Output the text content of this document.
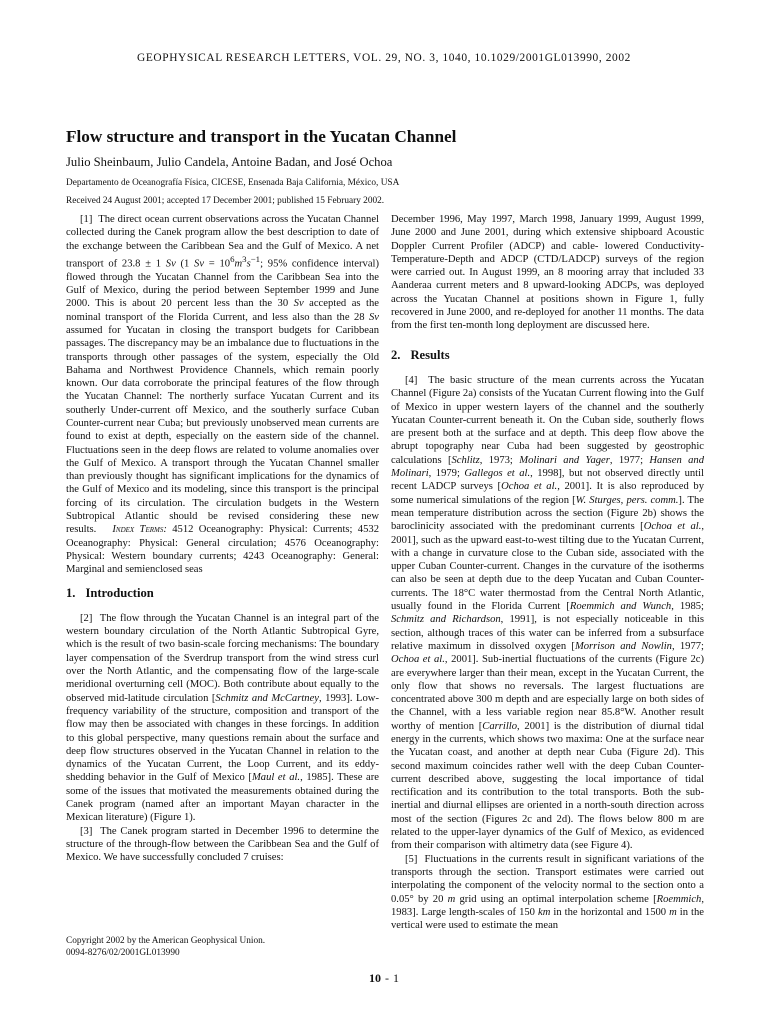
GEOPHYSICAL RESEARCH LETTERS, VOL. 29, NO. 3, 1040, 10.1029/2001GL013990, 2002
Flow structure and transport in the Yucatan Channel
Julio Sheinbaum, Julio Candela, Antoine Badan, and José Ochoa
Departamento de Oceanografía Física, CICESE, Ensenada Baja California, México, USA
Received 24 August 2001; accepted 17 December 2001; published 15 February 2002.

[1] The direct ocean current observations across the Yucatan Channel collected during the Canek program allow the best description to date of the exchange between the Caribbean Sea and the Gulf of Mexico. A net transport of 23.8 ± 1 Sv (1 $Sv = 10^6m^3s^{-1}$; 95% confidence interval) flowed through the Yucatan Channel from the Caribbean Sea into the Gulf of Mexico, during the period between September 1999 and June 2000. This is about 20 percent less than the 30 Sv accepted as the nominal transport of the Florida Current, and less also than the 28 Sv assumed for Yucatan in closing the transport budgets for Caribbean passages. The discrepancy may be an imbalance due to fluctuations in the transports through other passages of the system, especially the Old Bahama and Northwest Providence Channels, which remain poorly known. Our data corroborate the principal features of the flow through the Yucatan Channel: The northerly surface Yucatan Current and its southerly Under-current off Mexico, and the southerly surface Cuban Counter-current near Cuba; but previously unobserved mean currents are found to exist at depth, especially on the eastern side of the channel. Fluctuations seen in the deep flows are related to volume anomalies over the Gulf of Mexico. A transport through the Yucatan Channel smaller than previously thought has significant implications for the dynamics of the Gulf of Mexico and its modeling, since this transport is the principal forcing of its circulation. The circulation budgets in the Western Subtropical Atlantic should be revised considering these new results. Index Terms: 4512 Oceanography: Physical: Currents; 4532 Oceanography: Physical: General circulation; 4576 Oceanography: Physical: Western boundary currents; 4243 Oceanography: General: Marginal and semienclosed seas

1. Introduction

[2] The flow through the Yucatan Channel is an integral part of the western boundary circulation of the North Atlantic Subtropical Gyre, which is the result of two basin-scale forcing mechanisms: The boundary layer compensation of the Sverdrup transport from the wind stress curl over the North Atlantic, and the compensating flow of the large-scale meridional overturning cell (MOC). Both contribute about equally to the observed mid-latitude circulation [Schmitz and McCartney, 1993]. Low-frequency variability of the structure, composition and transport of the flow may then be associated with changes in these forcings. In addition to this global perspective, many questions remain about the surface and deep flow structures observed in the Yucatan Channel in relation to the dynamics of the Yucatan Current, the Loop Current, and its eddy-shedding behavior in the Gulf of Mexico [Maul et al., 1985]. These are some of the issues that motivated the measurements obtained during the Canek program (named after an important Mayan character in the Mexican literature) (Figure 1).

[3] The Canek program started in December 1996 to determine the structure of the through-flow between the Caribbean Sea and the Gulf of Mexico. We have successfully concluded 7 cruises:

December 1996, May 1997, March 1998, January 1999, August 1999, June 2000 and June 2001, during which extensive shipboard Acoustic Doppler Current Profiler (ADCP) and cable- lowered Conductivity-Temperature-Depth and ADCP (CTD/LADCP) surveys of the region were carried out. In August 1999, an 8 mooring array that included 33 Aanderaa current meters and 8 upward-looking ADCPs, was deployed across the Yucatan Channel at positions shown in Figure 1, fully recovered in June 2000, and re-deployed for another 11 months. The data from the first ten-month long deployment are discussed here.

2. Results

[4] The basic structure of the mean currents across the Yucatan Channel (Figure 2a) consists of the Yucatan Current flowing into the Gulf of Mexico in upper western layers of the channel and the southerly Yucatan Counter-current beneath it. On the Cuban side, southerly flows are present both at the surface and at depth. This deep flow above the abrupt topography near Cuba had been suggested by geostrophic calculations [Schlitz, 1973; Molinari and Yager, 1977; Hansen and Molinari, 1979; Gallegos et al., 1998], but not observed directly until recent LADCP surveys [Ochoa et al., 2001]. It is also reproduced by some numerical simulations of the region [W. Sturges, pers. comm.]. The mean temperature distribution across the section (Figure 2b) shows the baroclinicity associated with the predominant currents [Ochoa et al., 2001], such as the upward east-to-west tilting due to the Yucatan Current, with a change in curvature close to the Cuban side, associated with the upper Cuban Counter-current. Changes in the curvature of the isotherms can also be seen at depth due to the deep Yucatan and Cuban Counter-currents. The 18°C water thermostad from the Central North Atlantic, usually found in the Florida Current [Roemmich and Wunch, 1985; Schmitz and Richardson, 1991], is not especially noticeable in this section, although traces of this water can be inferred from a subsurface relative maximum in dissolved oxygen [Morrison and Nowlin, 1977; Ochoa et al., 2001]. Sub-inertial fluctuations of the currents (Figure 2c) are everywhere larger than their mean, except in the Yucatan Current, the only flow that shows no reversals. The largest fluctuations are concentrated above 300 m depth and are especially large on both sides of the Channel, with a less variable region near 85.8°W. Another result worthy of mention [Carrillo, 2001] is the distribution of diurnal tidal energy in the currents, which shows two maxima: One at the surface near the Yucatan coast, and another at depth near Cuba (Figure 2d). This second maximum coincides rather well with the deep Cuban Counter-current described above, suggesting the local importance of tidal rectification and its contribution to the total transports. Both the sub-inertial and diurnal ellipses are oriented in a north-south direction across most of the section (Figures 2c and 2d). The flows below 800 m are related to the upper-layer dynamics of the Gulf of Mexico, as evidenced from their comparison with altimetry data (see Figure 4).

[5] Fluctuations in the currents result in significant variations of the transports through the section. Transport estimates were carried out interpolating the component of the velocity normal to the section onto a 0.05° by 20 m grid using an optimal interpolation scheme [Roemmich, 1983]. Large length-scales of 150 km in the horizontal and 1500 m in the vertical were used to estimate the mean

Copyright 2002 by the American Geophysical Union.
0094-8276/02/2001GL013990
10 - 1
